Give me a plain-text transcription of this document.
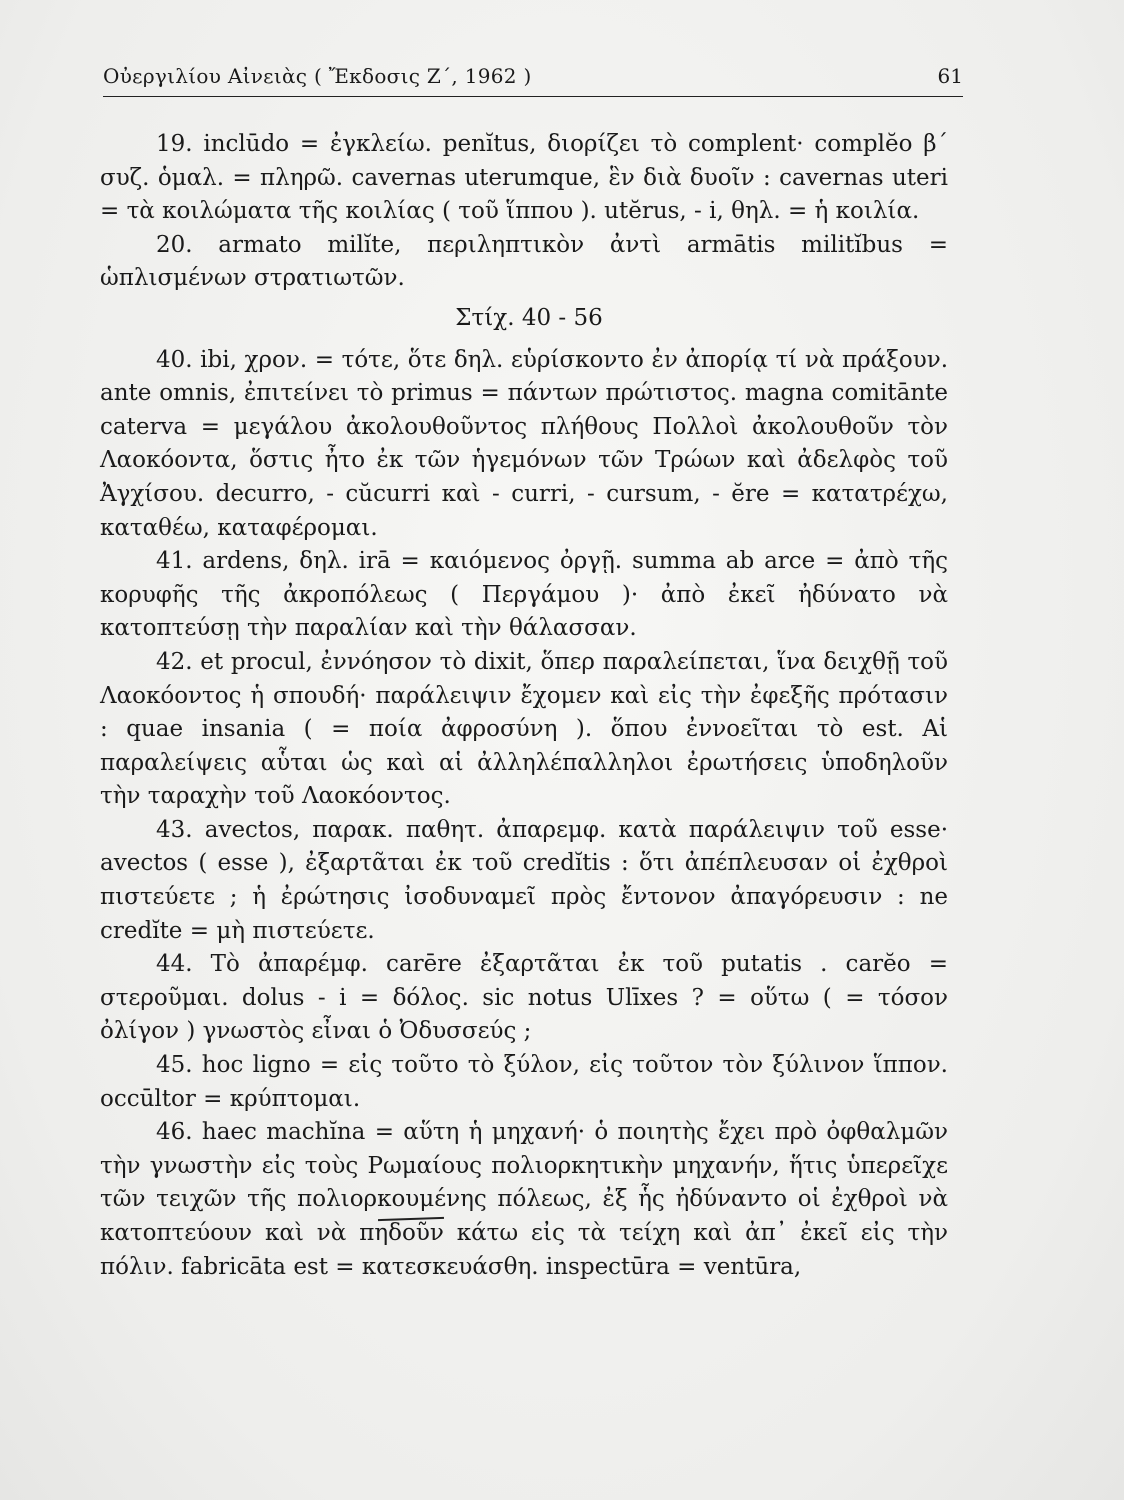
Οὐεργιλίου Αἰνειὰς ( Ἔκδοσις Ζ΄, 1962 )	61

19. inclūdo = ἐγκλείω. penĭtus, διορίζει τὸ complent· complĕo β΄ συζ. ὁμαλ. = πληρῶ. cavernas uterumque, ἓν διὰ δυοῖν : cavernas uteri = τὰ κοιλώματα τῆς κοιλίας ( τοῦ ἵππου ). utĕrus, - i, θηλ. = ἡ κοιλία.

20. armato milĭte, περιληπτικὸν ἀντὶ armātis militĭbus = ὡπλισμένων στρατιωτῶν.

Στίχ. 40 - 56

40. ibi, χρον. = τότε, ὅτε δηλ. εὑρίσκοντο ἐν ἀπορίᾳ τί νὰ πράξουν. ante omnis, ἐπιτείνει τὸ primus = πάντων πρώτιστος. magna comitānte caterva = μεγάλου ἀκολουθοῦντος πλήθους Πολλοὶ ἀκολουθοῦν τὸν Λαοκόοντα, ὅστις ἦτο ἐκ τῶν ἡγεμόνων τῶν Τρώων καὶ ἀδελφὸς τοῦ Ἀγχίσου. decurro, - cŭcurri καὶ - curri, - cursum, - ĕre = κατατρέχω, καταθέω, καταφέρομαι.

41. ardens, δηλ. irā = καιόμενος ὀργῇ. summa ab arce = ἀπὸ τῆς κορυφῆς τῆς ἀκροπόλεως ( Περγάμου )· ἀπὸ ἐκεῖ ἠδύνατο νὰ κατοπτεύσῃ τὴν παραλίαν καὶ τὴν θάλασσαν.

42. et procul, ἐννόησον τὸ dixit, ὅπερ παραλείπεται, ἵνα δειχθῇ τοῦ Λαοκόοντος ἡ σπουδή· παράλειψιν ἔχομεν καὶ εἰς τὴν ἐφεξῆς πρότασιν : quae insania ( = ποία ἀφροσύνη ). ὅπου ἐννοεῖται τὸ est. Αἱ παραλείψεις αὗται ὡς καὶ αἱ ἀλληλέπαλληλοι ἐρωτήσεις ὑποδηλοῦν τὴν ταραχὴν τοῦ Λαοκόοντος.

43. avectos, παρακ. παθητ. ἀπαρεμφ. κατὰ παράλειψιν τοῦ esse· avectos ( esse ), ἐξαρτᾶται ἐκ τοῦ credĭtis : ὅτι ἀπέπλευσαν οἱ ἐχθροὶ πιστεύετε ; ἡ ἐρώτησις ἰσοδυναμεῖ πρὸς ἔντονον ἀπαγόρευσιν : ne credĭte = μὴ πιστεύετε.

44. Τὸ ἀπαρέμφ. carēre ἐξαρτᾶται ἐκ τοῦ putatis . carĕo = στεροῦμαι. dolus - i = δόλος. sic notus Ulīxes ? = οὕτω ( = τόσον ὀλίγον ) γνωστὸς εἶναι ὁ Ὀδυσσεύς ;

45. hoc ligno = εἰς τοῦτο τὸ ξύλον, εἰς τοῦτον τὸν ξύλινον ἵππον. occūltor = κρύπτομαι.

46. haec machĭna = αὕτη ἡ μηχανή· ὁ ποιητὴς ἔχει πρὸ ὀφθαλμῶν τὴν γνωστὴν εἰς τοὺς Ρωμαίους πολιορκητικὴν μηχανήν, ἥτις ὑπερεῖχε τῶν τειχῶν τῆς πολιορκουμένης πόλεως, ἐξ ἧς ἠδύναντο οἱ ἐχθροὶ νὰ κατοπτεύουν καὶ νὰ πηδοῦν κάτω εἰς τὰ τείχη καὶ ἀπ᾽ ἐκεῖ εἰς τὴν πόλιν. fabricāta est = κατεσκευάσθη. inspectūra = ventūra,
